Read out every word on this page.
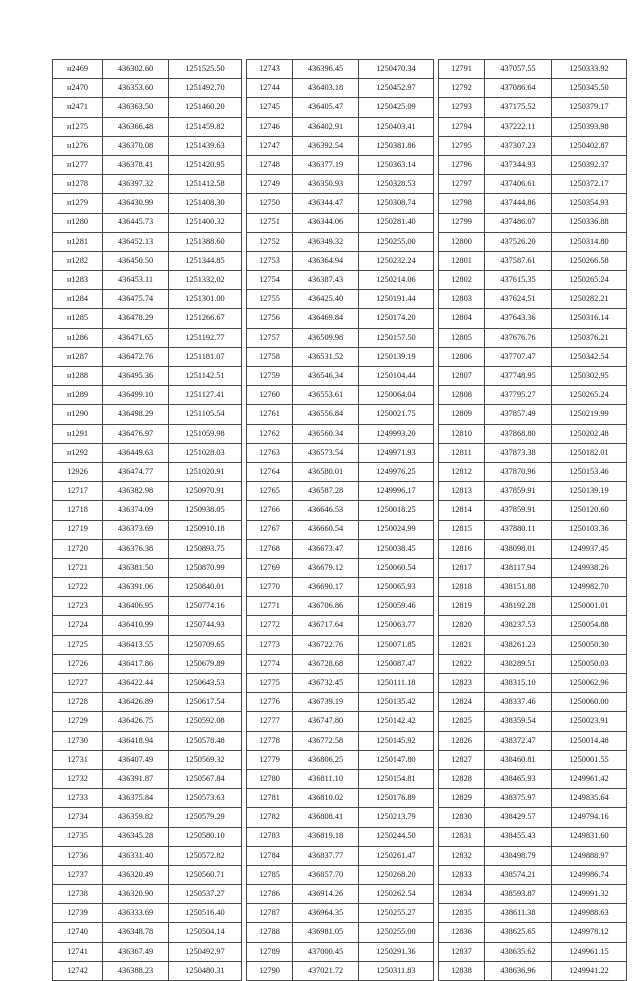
н2469	436302.60	1251525.50		12743	436396.45	1250470.34		12791	437057.55	1250333.92
н2470	436353.60	1251492.70		12744	436403.18	1250452.97		12792	437086.64	1250345.50
н2471	436363.50	1251460.20		12745	436405.47	1250425.09		12793	437175.52	1250379.17
н1275	436366.48	1251459.82		12746	436402.91	1250403.41		12794	437222.11	1250393.98
н1276	436370.08	1251439.63		12747	436392.54	1250381.86		12795	437307.23	1250402.87
н1277	436378.41	1251420.95		12748	436377.19	1250363.14		12796	437344.93	1250392.37
н1278	436397.32	1251412.58		12749	436350.93	1250328.53		12797	437406.61	1250372.17
н1279	436430.99	1251408.30		12750	436344.47	1250308.74		12798	437444.86	1250354.93
н1280	436445.73	1251400.32		12751	436344.06	1250281.40		12799	437486.07	1250336.88
н1281	436452.13	1251388.60		12752	436349.32	1250255.00		12800	437526.20	1250314.80
н1282	436450.50	1251344.85		12753	436364.94	1250232.24		12801	437587.61	1250266.58
н1283	436453.11	1251332.02		12754	436387.43	1250214.06		12802	437615.35	1250265.24
н1284	436475.74	1251301.00		12755	436425.40	1250191.44		12803	437624.51	1250282.21
н1285	436478.29	1251266.67		12756	436469.84	1250174.20		12804	437643.36	1250316.14
н1286	436471.65	1251192.77		12757	436509.98	1250157.50		12805	437676.76	1250376.21
н1287	436472.76	1251181.07		12758	436531.52	1250139.19		12806	437707.47	1250342.54
н1288	436495.36	1251142.51		12759	436546.34	1250104.44		12807	437748.95	1250302.95
н1289	436499.10	1251127.41		12760	436553.61	1250064.04		12808	437795.27	1250265.24
н1290	436498.29	1251105.54		12761	436556.84	1250021.75		12809	437857.49	1250219.99
н1291	436476.97	1251059.98		12762	436560.34	1249993.20		12810	437868.80	1250202.48
н1292	436449.63	1251028.03		12763	436573.54	1249971.93		12811	437873.38	1250182.01
12926	436474.77	1251020.91		12764	436580.01	1249976.25		12812	437870.96	1250153.46
12717	436382.98	1250970.91		12765	436587.28	1249996.17		12813	437859.91	1250139.19
12718	436374.09	1250938.05		12766	436646.53	1250018.25		12814	437859.91	1250120.60
12719	436373.69	1250910.18		12767	436660.54	1250024.99		12815	437880.11	1250103.36
12720	436376.38	1250893.75		12768	436673.47	1250038.45		12816	438098.01	1249937.45
12721	436381.50	1250870.99		12769	436679.12	1250060.54		12817	438117.94	1249938.26
12722	436391.06	1250840.01		12770	436690.17	1250065.93		12818	438151.88	1249982.70
12723	436406.95	1250774.16		12771	436706.86	1250059.46		12819	438192.28	1250001.01
12724	436410.99	1250744.93		12772	436717.64	1250063.77		12820	438237.53	1250054.88
12725	436413.55	1250709.65		12773	436722.76	1250071.85		12821	438261.23	1250050.30
12726	436417.86	1250679.89		12774	436728.68	1250087.47		12822	438289.51	1250050.03
12727	436422.44	1250643.53		12775	436732.45	1250111.18		12823	438315.10	1250062.96
12728	436426.89	1250617.54		12776	436739.19	1250135.42		12824	438337.46	1250060.00
12729	436426.75	1250592.08		12777	436747.80	1250142.42		12825	438359.54	1250023.91
12730	436418.94	1250578.48		12778	436772.58	1250145.92		12826	438372.47	1250014.48
12731	436407.49	1250569.32		12779	436806.25	1250147.80		12827	438460.81	1250001.55
12732	436391.87	1250567.84		12780	436811.10	1250154.81		12828	438465.93	1249961.42
12733	436375.84	1250573.63		12781	436810.02	1250176.89		12829	438375.97	1249835.64
12734	436359.82	1250579.29		12782	436808.41	1250213.79		12830	438429.57	1249794.16
12735	436345.28	1250580.10		12783	436819.18	1250244.50		12831	438455.43	1249831.60
12736	436331.40	1250572.82		12784	436837.77	1250261.47		12832	438498.79	1249888.97
12737	436320.49	1250560.71		12785	436857.70	1250268.20		12833	438574.21	1249986.74
12738	436320.90	1250537.27		12786	436914.26	1250262.54		12834	438593.87	1249991.32
12739	436333.69	1250516.40		12787	436964.35	1250255.27		12835	438611.38	1249988.63
12740	436348.78	1250504.14		12788	436981.05	1250255.00		12836	438625.65	1249978.12
12741	436367.49	1250492.97		12789	437000.45	1250291.36		12837	438635.62	1249961.15
12742	436388.23	1250480.31		12790	437021.72	1250311.83		12838	438636.96	1249941.22
